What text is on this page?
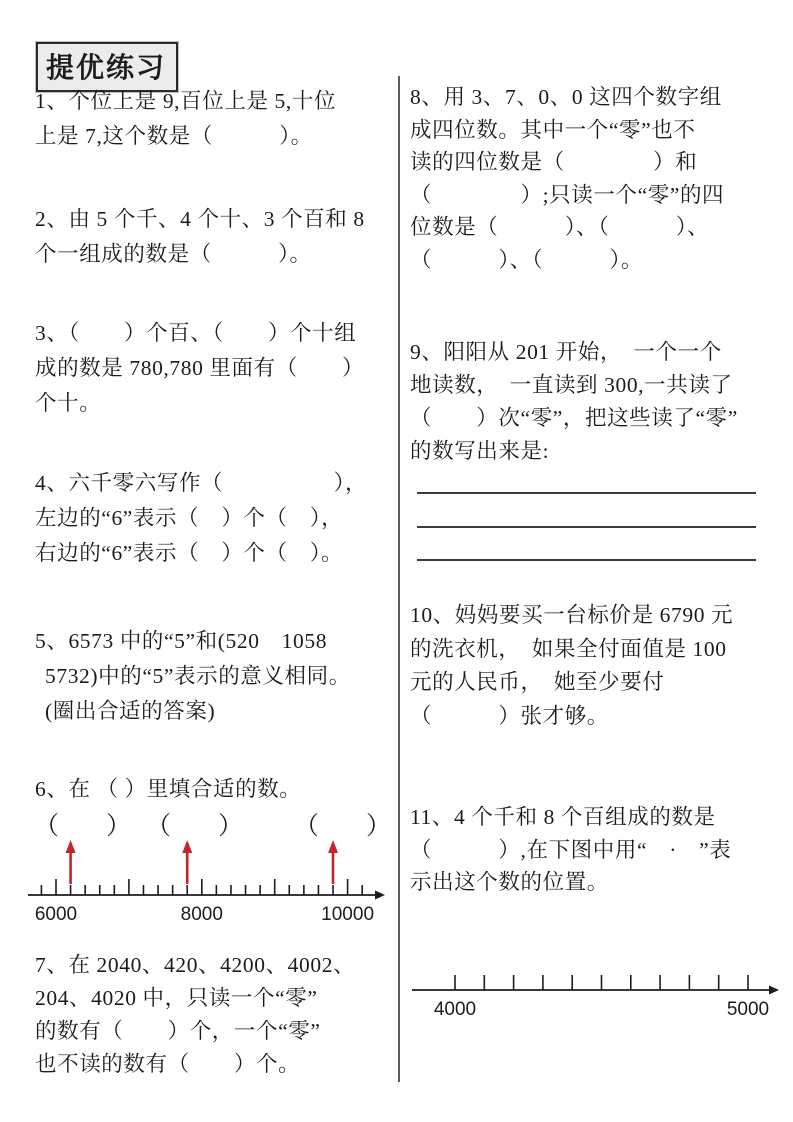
提优练习
1、个位上是 9,百位上是 5,十位
上是 7,这个数是（　　　）。
2、由 5 个千、4 个十、3 个百和 8
个一组成的数是（　　　）。
3、（　　）个百、（　　）个十组
成的数是 780,780 里面有（　　）
个十。
4、六千零六写作（　　　　　），
左边的“6”表示（　）个（　），
右边的“6”表示（　）个（　）。
5、6573 中的“5”和(520　1058
5732)中的“5”表示的意义相同。
(圈出合适的答案)
6、在 （ ）里填合适的数。
7、在 2040、420、4200、4002、
204、4020 中，只读一个“零”
的数有（　　）个，一个“零”
也不读的数有（　　）个。
（　　） （　　） （　　）
6000	8000	10000
8、用 3、7、0、0 这四个数字组
成四位数。其中一个“零”也不
读的四位数是（　　　　）和
（　　　　）;只读一个“零”的四
位数是（　　　）、（　　　）、
（　　　）、（　　　）。
9、阳阳从 201 开始，　一个一个
地读数，　一直读到 300,一共读了
（　　）次“零”，把这些读了“零”
的数写出来是:
10、妈妈要买一台标价是 6790 元
的洗衣机，　如果全付面值是 100
元的人民币，　她至少要付
（　　　）张才够。
11、4 个千和 8 个百组成的数是
（　　　）,在下图中用“　·　”表
示出这个数的位置。
4000	5000
